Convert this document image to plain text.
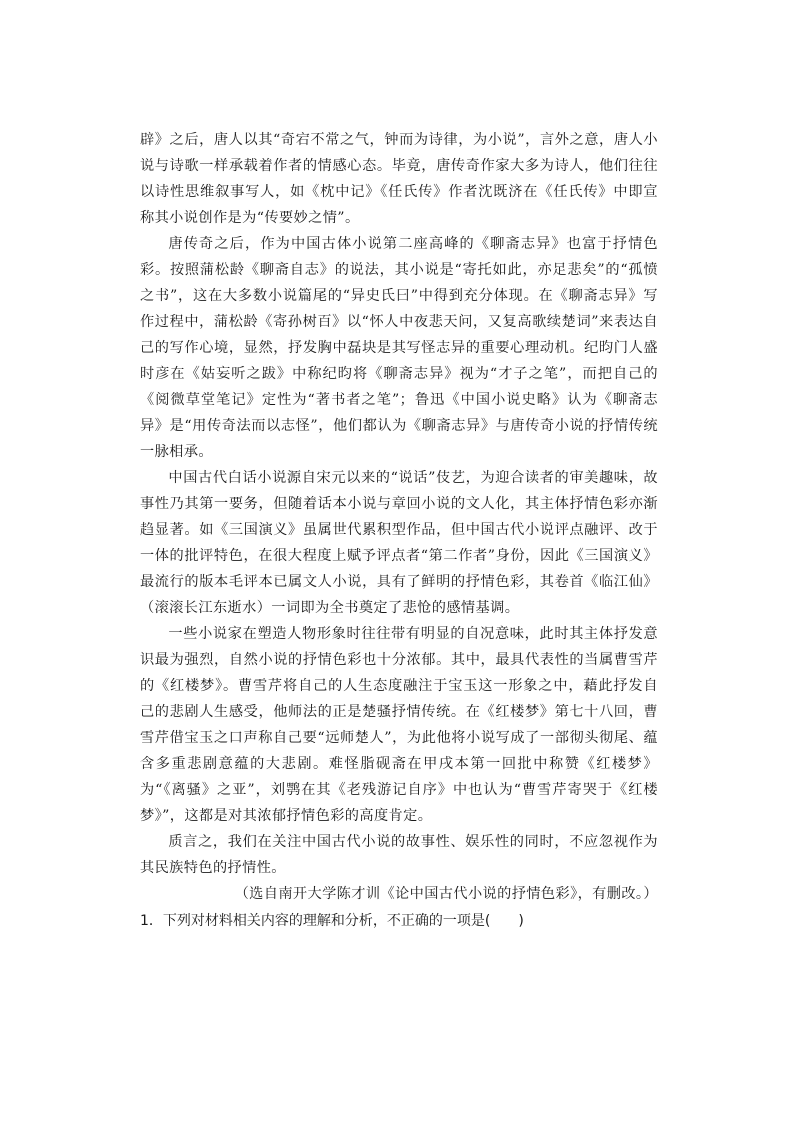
辟》之后，唐人以其“奇宕不常之气，钟而为诗律，为小说”，言外之意，唐人小说与诗歌一样承载着作者的情感心态。毕竟，唐传奇作家大多为诗人，他们往往以诗性思维叙事写人，如《枕中记》《任氏传》作者沈既济在《任氏传》中即宣称其小说创作是为“传要妙之情”。

唐传奇之后，作为中国古体小说第二座高峰的《聊斋志异》也富于抒情色彩。按照蒲松龄《聊斋自志》的说法，其小说是“寄托如此，亦足悲矣”的“孤愤之书”，这在大多数小说篇尾的“异史氏曰”中得到充分体现。在《聊斋志异》写作过程中，蒲松龄《寄孙树百》以“怀人中夜悲天问，又复高歌续楚词”来表达自己的写作心境，显然，抒发胸中磊块是其写怪志异的重要心理动机。纪昀门人盛时彦在《姑妄听之跋》中称纪昀将《聊斋志异》视为“才子之笔”，而把自己的《阅微草堂笔记》定性为“著书者之笔”；鲁迅《中国小说史略》认为《聊斋志异》是“用传奇法而以志怪”，他们都认为《聊斋志异》与唐传奇小说的抒情传统一脉相承。

中国古代白话小说源自宋元以来的“说话”伎艺，为迎合读者的审美趣味，故事性乃其第一要务，但随着话本小说与章回小说的文人化，其主体抒情色彩亦渐趋显著。如《三国演义》虽属世代累积型作品，但中国古代小说评点融评、改于一体的批评特色，在很大程度上赋予评点者“第二作者”身份，因此《三国演义》最流行的版本毛评本已属文人小说，具有了鲜明的抒情色彩，其卷首《临江仙》（滚滚长江东逝水）一词即为全书奠定了悲怆的感情基调。

一些小说家在塑造人物形象时往往带有明显的自况意味，此时其主体抒发意识最为强烈，自然小说的抒情色彩也十分浓郁。其中，最具代表性的当属曹雪芹的《红楼梦》。曹雪芹将自己的人生态度融注于宝玉这一形象之中，藉此抒发自己的悲剧人生感受，他师法的正是楚骚抒情传统。在《红楼梦》第七十八回，曹雪芹借宝玉之口声称自己要“远师楚人”，为此他将小说写成了一部彻头彻尾、蕴含多重悲剧意蕴的大悲剧。难怪脂砚斋在甲戌本第一回批中称赞《红楼梦》为“《离骚》之亚”，刘鹗在其《老残游记自序》中也认为“曹雪芹寄哭于《红楼梦》”，这都是对其浓郁抒情色彩的高度肯定。

质言之，我们在关注中国古代小说的故事性、娱乐性的同时，不应忽视作为其民族特色的抒情性。

（选自南开大学陈才训《论中国古代小说的抒情色彩》，有删改。）

1．下列对材料相关内容的理解和分析，不正确的一项是(　　)
